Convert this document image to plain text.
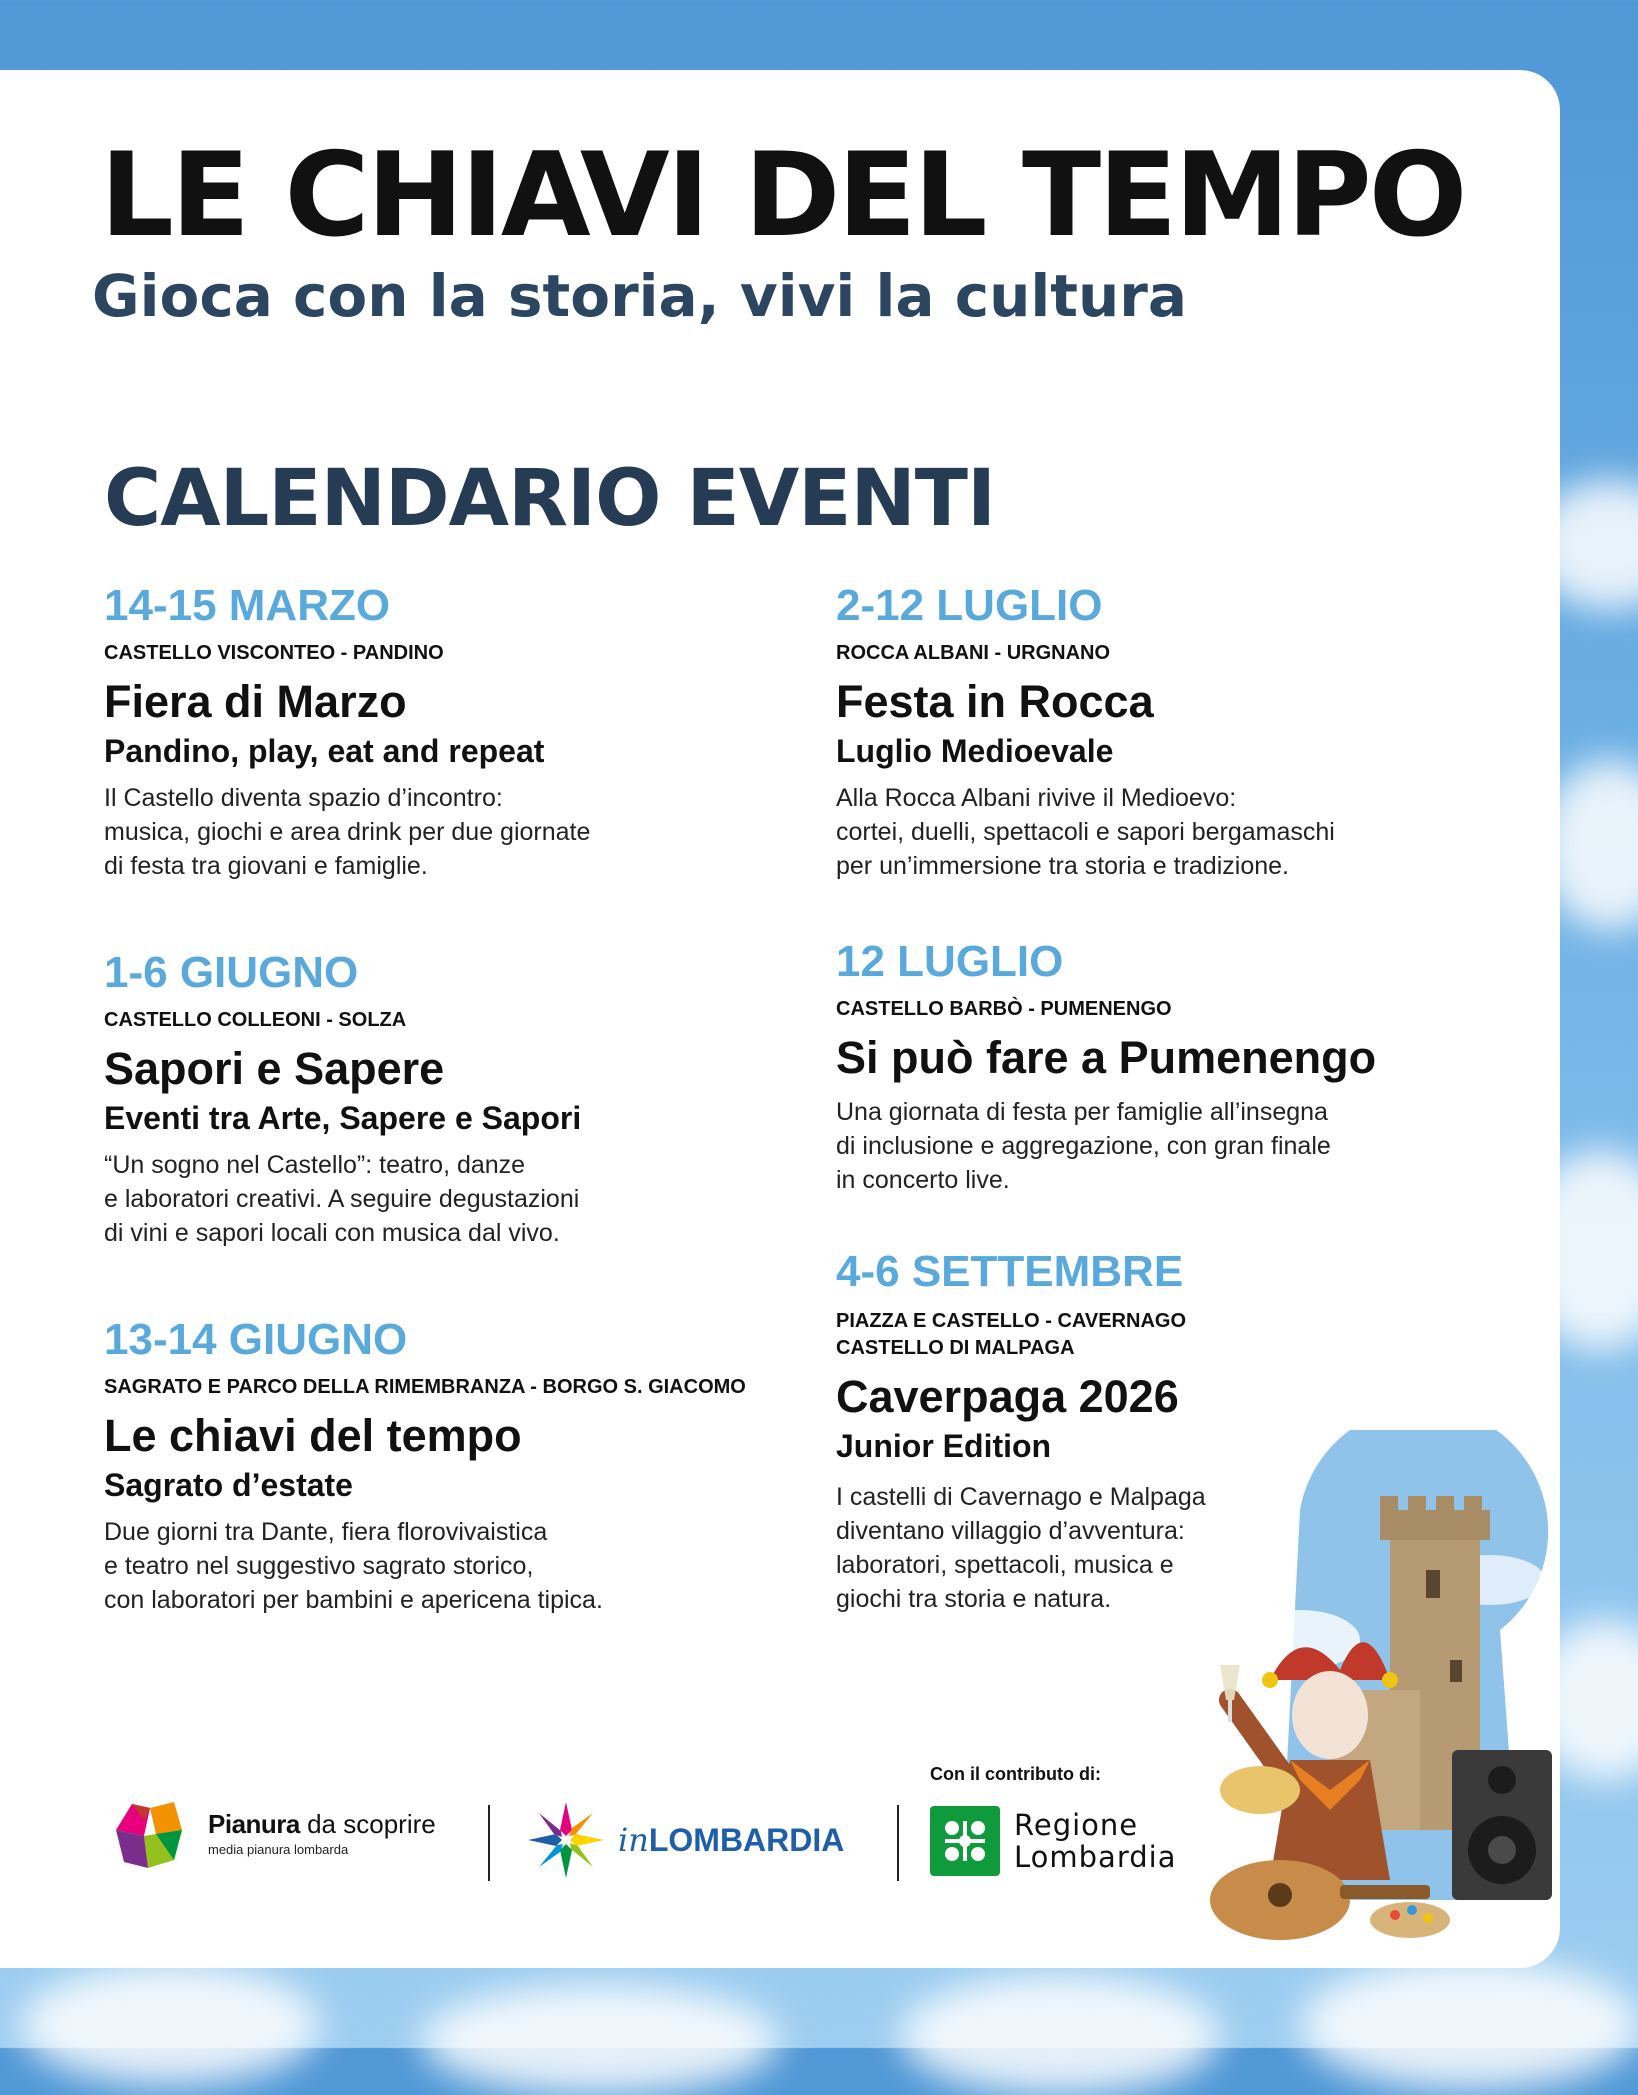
LE CHIAVI DEL TEMPO
Gioca con la storia, vivi la cultura
CALENDARIO EVENTI

14-15 MARZO

CASTELLO VISCONTEO - PANDINO

Fiera di Marzo

Pandino, play, eat and repeat

Il Castello diventa spazio d’incontro:
musica, giochi e area drink per due giornate
di festa tra giovani e famiglie.

1-6 GIUGNO

CASTELLO COLLEONI - SOLZA

Sapori e Sapere

Eventi tra Arte, Sapere e Sapori

“Un sogno nel Castello”: teatro, danze
e laboratori creativi. A seguire degustazioni
di vini e sapori locali con musica dal vivo.

13-14 GIUGNO

SAGRATO E PARCO DELLA RIMEMBRANZA - BORGO S. GIACOMO

Le chiavi del tempo

Sagrato d’estate

Due giorni tra Dante, fiera florovivaistica
e teatro nel suggestivo sagrato storico,
con laboratori per bambini e apericena tipica.

2-12 LUGLIO

ROCCA ALBANI - URGNANO

Festa in Rocca

Luglio Medioevale

Alla Rocca Albani rivive il Medioevo:
cortei, duelli, spettacoli e sapori bergamaschi
per un’immersione tra storia e tradizione.

12 LUGLIO

CASTELLO BARBÒ - PUMENENGO

Si può fare a Pumenengo

Una giornata di festa per famiglie all’insegna
di inclusione e aggregazione, con gran finale
in concerto live.

4-6 SETTEMBRE

PIAZZA E CASTELLO - CAVERNAGO
CASTELLO DI MALPAGA

Caverpaga 2026

Junior Edition

I castelli di Cavernago e Malpaga
diventano villaggio d’avventura:
laboratori, spettacoli, musica e
giochi tra storia e natura.

Pianura da scoprire
media pianura lombarda	inLOMBARDIA
Con il contributo di:
Regione
Lombardia
